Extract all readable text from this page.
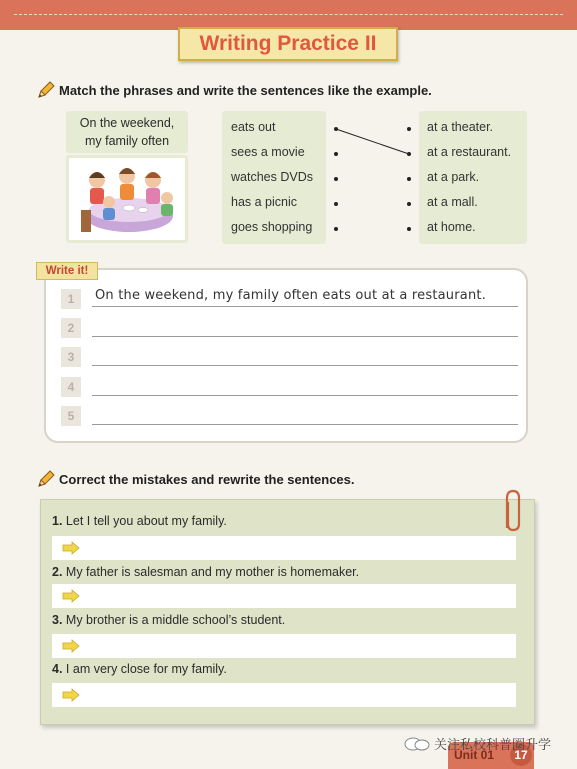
Writing Practice II
Match the phrases and write the sentences like the example.
On the weekend,
my family often
eats out
sees a movie
watches DVDs
has a picnic
goes shopping
at a theater.
at a restaurant.
at a park.
at a mall.
at home.
Write it!
1
2
3
4
5
On the weekend, my family often eats out at a restaurant.
Correct the mistakes and rewrite the sentences.
1. Let I tell you about my family.
2. My father is salesman and my mother is homemaker.
3. My brother is a middle school’s student.
4. I am very close for my family.
Unit 01	17
关注私校科普圈升学
